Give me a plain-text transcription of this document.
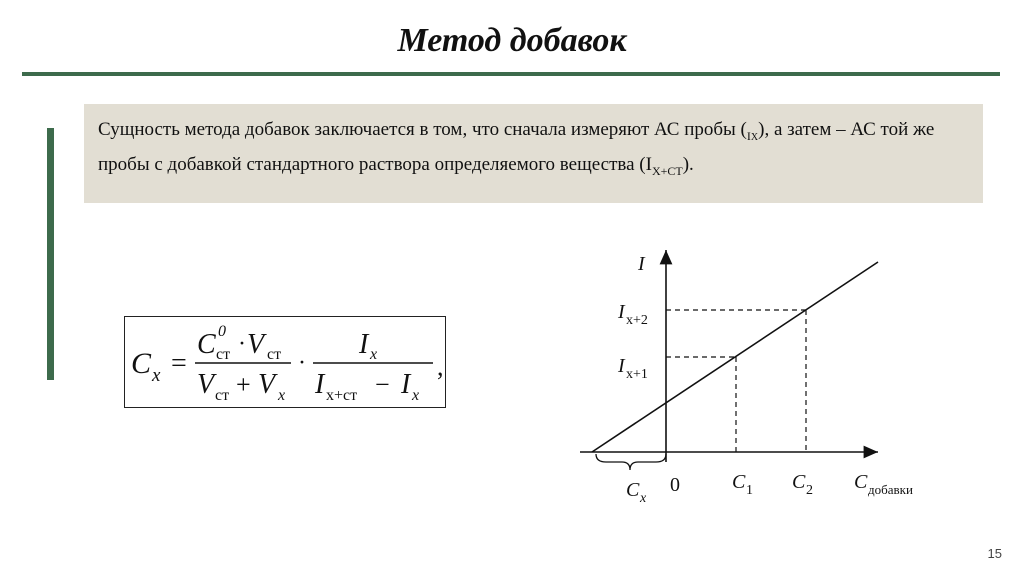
Метод добавок
Сущность метода добавок заключается в том, что сначала измеряют АС пробы $(_{IX})$, а затем – АС той же пробы с добавкой стандартного раствора определяемого вещества $(I_{Х+СТ})$.
C x =
C 0
ст · V ст
V ст + V x
·
I x
I x+ст − I x
,
I
I x+2
I x+1
0
C x
C 1 C 2 C добавки
15
